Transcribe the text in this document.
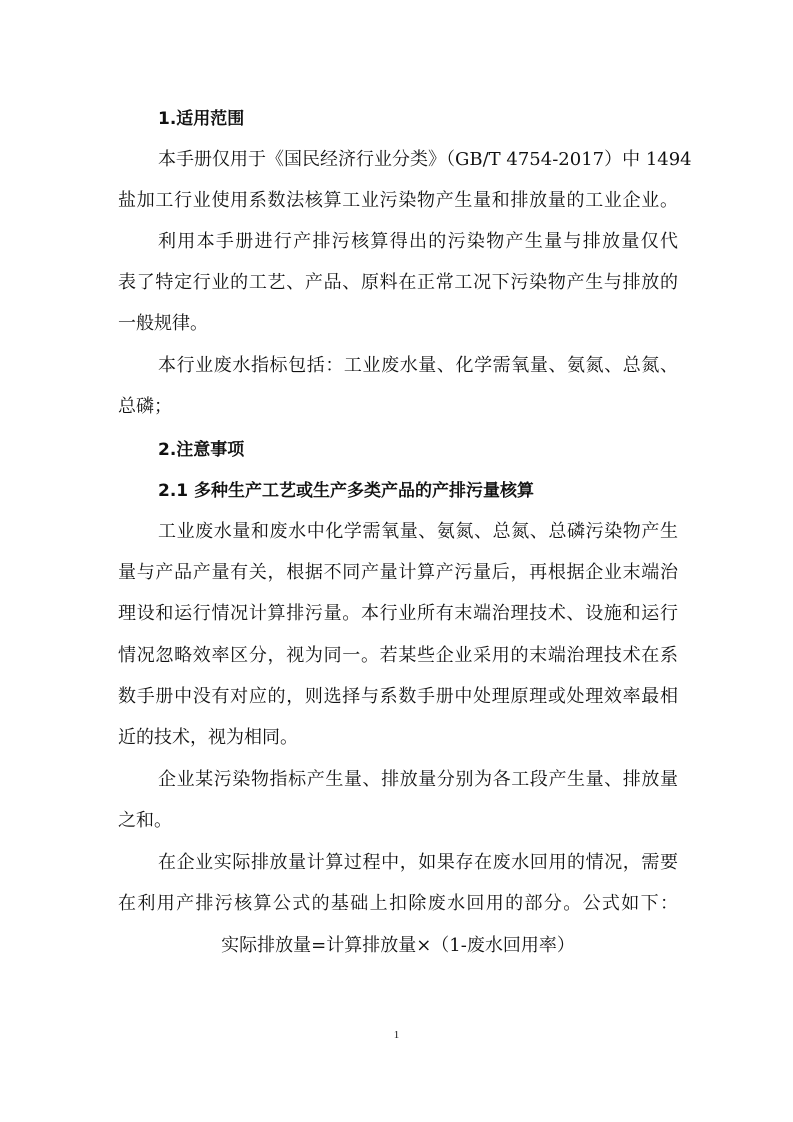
1.适用范围
本手册仅用于《国民经济行业分类》（GB/T 4754-2017）中 1494
盐加工行业使用系数法核算工业污染物产生量和排放量的工业企业。
利用本手册进行产排污核算得出的污染物产生量与排放量仅代
表了特定行业的工艺、产品、原料在正常工况下污染物产生与排放的
一般规律。
本行业废水指标包括：工业废水量、化学需氧量、氨氮、总氮、
总磷；
2.注意事项
2.1 多种生产工艺或生产多类产品的产排污量核算
工业废水量和废水中化学需氧量、氨氮、总氮、总磷污染物产生
量与产品产量有关，根据不同产量计算产污量后，再根据企业末端治
理设和运行情况计算排污量。本行业所有末端治理技术、设施和运行
情况忽略效率区分，视为同一。若某些企业采用的末端治理技术在系
数手册中没有对应的，则选择与系数手册中处理原理或处理效率最相
近的技术，视为相同。
企业某污染物指标产生量、排放量分别为各工段产生量、排放量
之和。
在企业实际排放量计算过程中，如果存在废水回用的情况，需要
在利用产排污核算公式的基础上扣除废水回用的部分。公式如下：
实际排放量=计算排放量×（1-废水回用率）
1
